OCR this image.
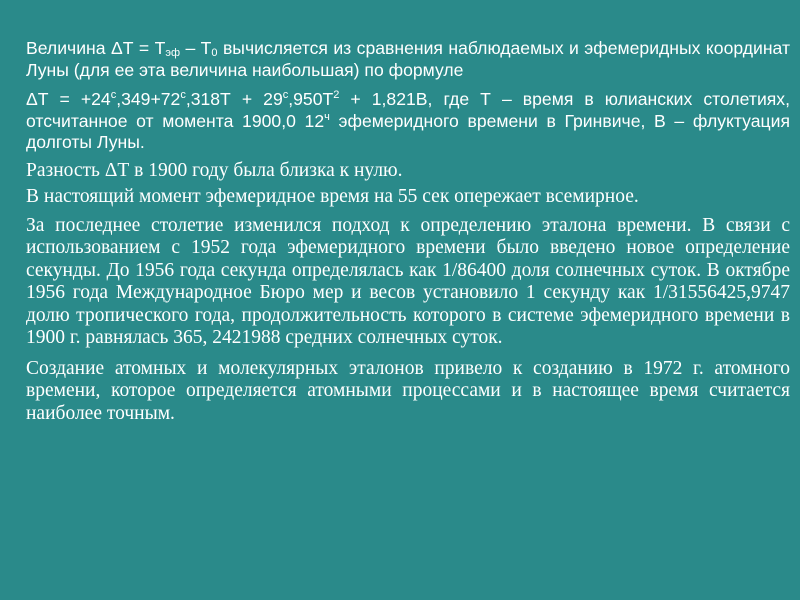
Величина ΔТ = Тэф – Т0 вычисляется из сравнения наблюдаемых и эфемеридных координат Луны (для ее эта величина наибольшая) по формуле

$\Delta Т = +24^с,349+72^с,318Т + 29^с,950Т^2 + 1,821B$, где Т – время в юлианских столетиях, отсчитанное от момента 1900,0 $12^ч$ эфемеридного времени в Гринвиче, B – флуктуация долготы Луны.

Разность ΔТ в 1900 году была близка к нулю.

В настоящий момент эфемеридное время на 55 сек опережает всемирное.

За последнее столетие изменился подход к определению эталона времени. В связи с использованием с 1952 года эфемеридного времени было введено новое определение секунды. До 1956 года секунда определялась как 1/86400 доля солнечных суток. В октябре 1956 года Международное Бюро мер и весов установило 1 секунду как 1/31556425,9747 долю тропического года, продолжительность которого в системе эфемеридного времени в 1900 г. равнялась 365, 2421988 средних солнечных суток.

Создание атомных и молекулярных эталонов привело к созданию в 1972 г. атомного времени, которое определяется атомными процессами и в настоящее время считается наиболее точным.
